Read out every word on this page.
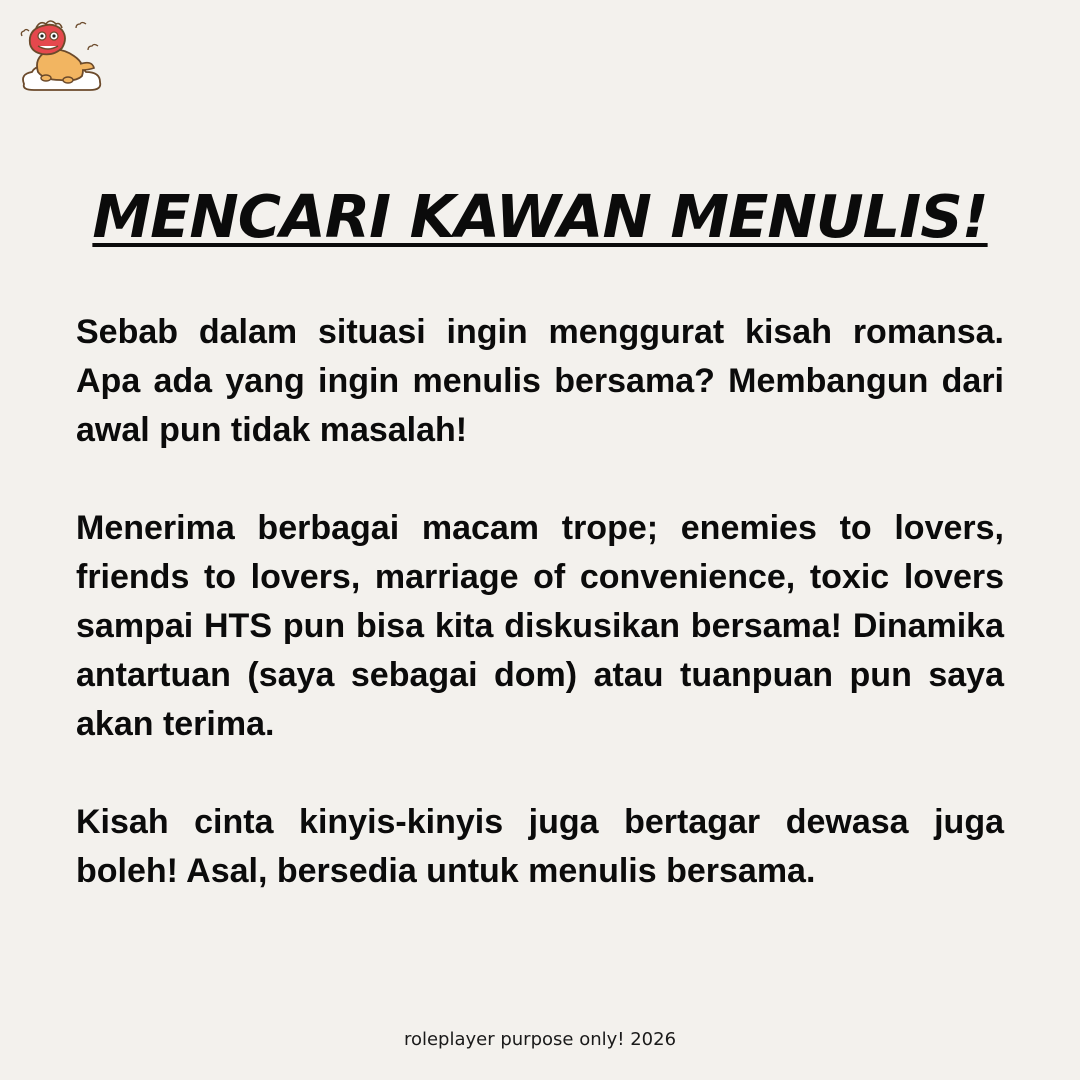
MENCARI KAWAN MENULIS!

Sebab dalam situasi ingin menggurat kisah romansa. Apa ada yang ingin menulis bersama? Membangun dari awal pun tidak masalah!

Menerima berbagai macam trope; enemies to lovers, friends to lovers, marriage of convenience, toxic lovers sampai HTS pun bisa kita diskusikan bersama! Dinamika antartuan (saya sebagai dom) atau tuanpuan pun saya akan terima.

Kisah cinta kinyis-kinyis juga bertagar dewasa juga boleh! Asal, bersedia untuk menulis bersama.

roleplayer purpose only! 2026
